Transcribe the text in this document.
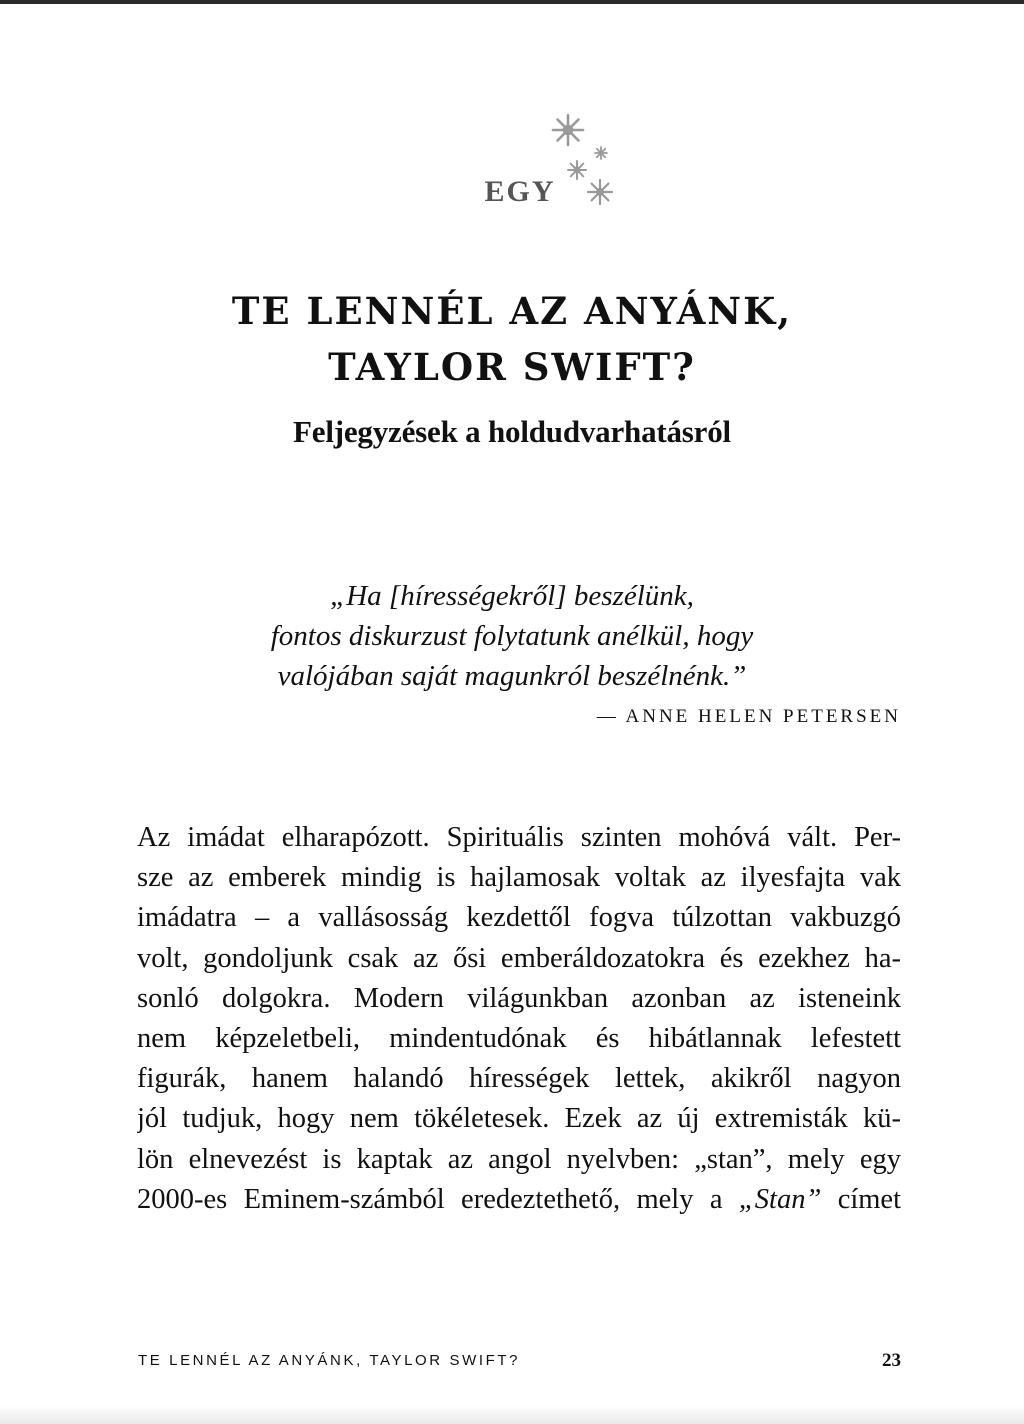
EGY
TE LENNÉL AZ ANYÁNK,
TAYLOR SWIFT?
Feljegyzések a holdudvarhatásról
„Ha [hírességekről] beszélünk,
fontos diskurzust folytatunk anélkül, hogy
valójában saját magunkról beszélnénk.”
— ANNE HELEN PETERSEN
Az imádat elharapózott. Spirituális szinten mohóvá vált. Per-
sze az emberek mindig is hajlamosak voltak az ilyesfajta vak
imádatra – a vallásosság kezdettől fogva túlzottan vakbuzgó
volt, gondoljunk csak az ősi emberáldozatokra és ezekhez ha-
sonló dolgokra. Modern világunkban azonban az isteneink
nem képzeletbeli, mindentudónak és hibátlannak lefestett
figurák, hanem halandó hírességek lettek, akikről nagyon
jól tudjuk, hogy nem tökéletesek. Ezek az új extremisták kü-
lön elnevezést is kaptak az angol nyelvben: „stan”, mely egy
2000-es Eminem-számból eredeztethető, mely a „Stan” címet
TE LENNÉL AZ ANYÁNK, TAYLOR SWIFT?	23
